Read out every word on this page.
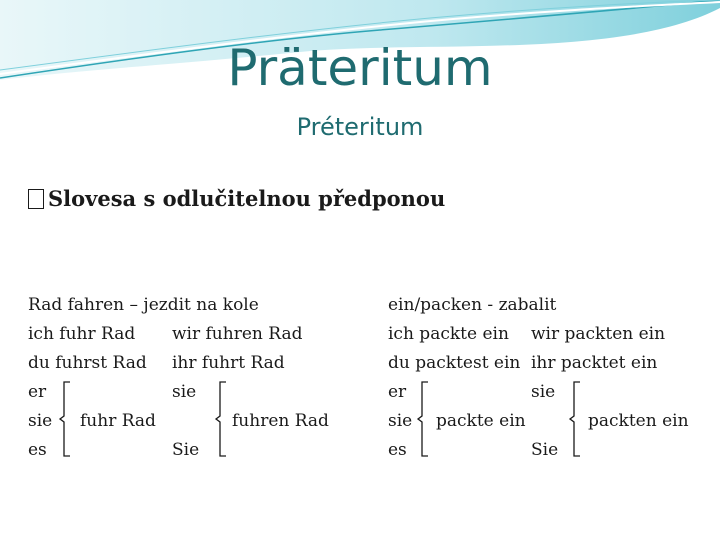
Präteritum
Préteritum
Slovesa s odlučitelnou předponou
Rad fahren – jezdit na kole
ich fuhr Rad wir fuhren Rad
du fuhrst Rad ihr fuhrt Rad
er	sie
sie fuhr Rad	fuhren Rad
es	Sie
ein/packen - zabalit
ich packte ein wir packten ein
du packtest ein ihr packtet ein
er	sie
sie packte ein	packten ein
es	Sie
